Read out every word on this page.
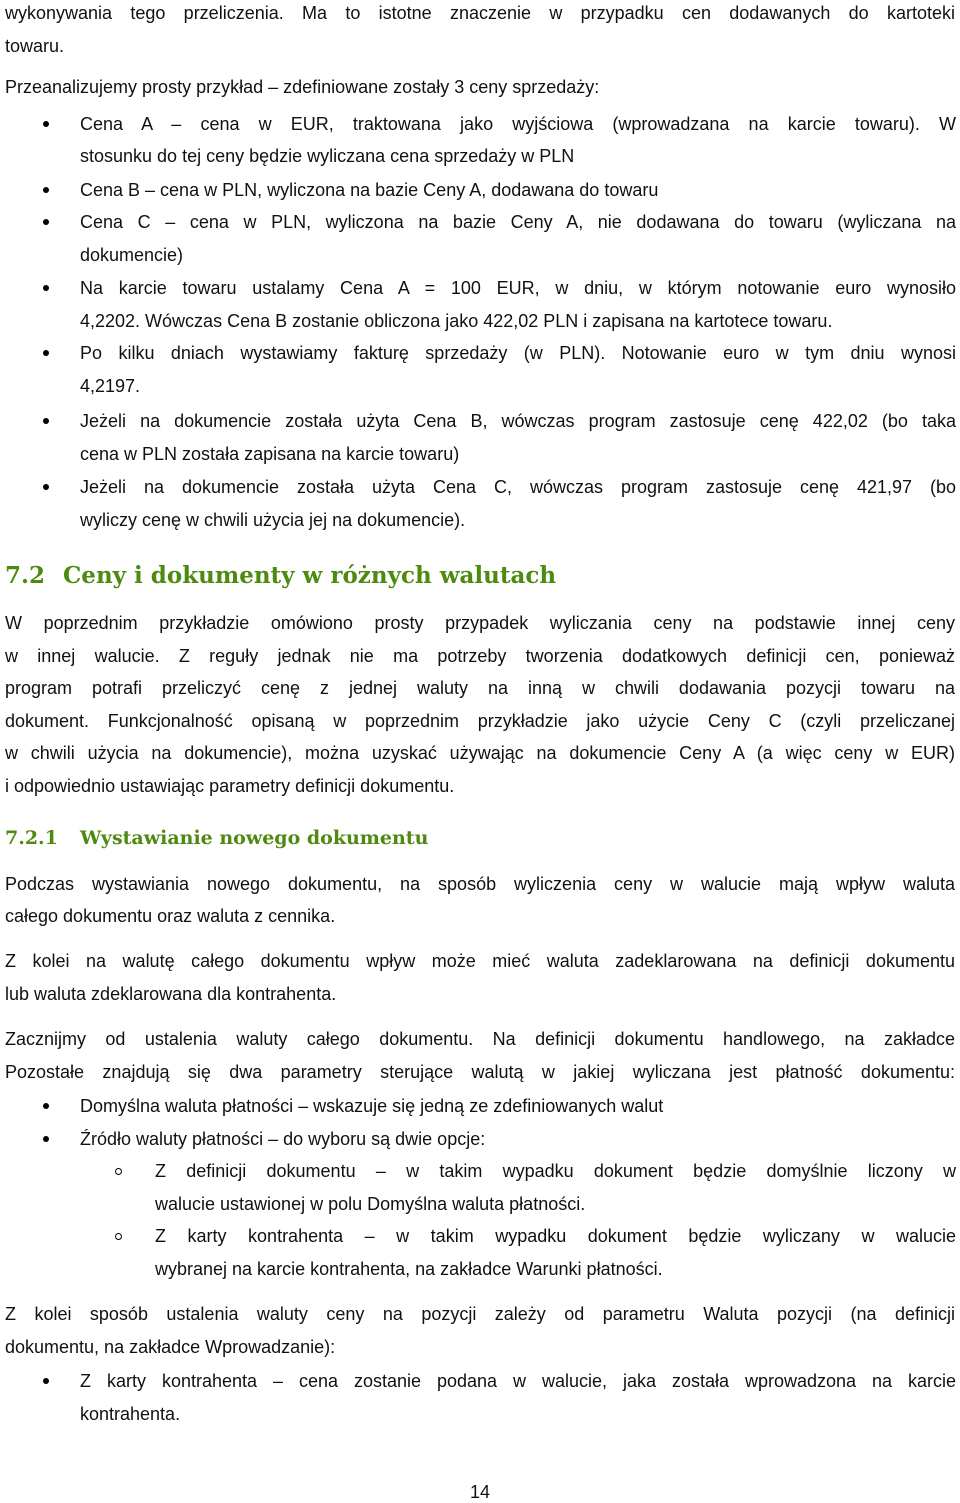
wykonywania tego przeliczenia. Ma to istotne znaczenie w przypadku cen dodawanych do kartoteki

towaru.

Przeanalizujemy prosty przykład – zdefiniowane zostały 3 ceny sprzedaży:

Cena A – cena w EUR, traktowana jako wyjściowa (wprowadzana na karcie towaru). W

stosunku do tej ceny będzie wyliczana cena sprzedaży w PLN

Cena B – cena w PLN, wyliczona na bazie Ceny A, dodawana do towaru

Cena C – cena w PLN, wyliczona na bazie Ceny A, nie dodawana do towaru (wyliczana na

dokumencie)

Na karcie towaru ustalamy Cena A = 100 EUR, w dniu, w którym notowanie euro wynosiło

4,2202. Wówczas Cena B zostanie obliczona jako 422,02 PLN i zapisana na kartotece towaru.

Po kilku dniach wystawiamy fakturę sprzedaży (w PLN). Notowanie euro w tym dniu wynosi

4,2197.

Jeżeli na dokumencie została użyta Cena B, wówczas program zastosuje cenę 422,02 (bo taka

cena w PLN została zapisana na karcie towaru)

Jeżeli na dokumencie została użyta Cena C, wówczas program zastosuje cenę 421,97 (bo

wyliczy cenę w chwili użycia jej na dokumencie).

7.2 Ceny i dokumenty w różnych walutach

W poprzednim przykładzie omówiono prosty przypadek wyliczania ceny na podstawie innej ceny

w innej walucie. Z reguły jednak nie ma potrzeby tworzenia dodatkowych definicji cen, ponieważ

program potrafi przeliczyć cenę z jednej waluty na inną w chwili dodawania pozycji towaru na

dokument. Funkcjonalność opisaną w poprzednim przykładzie jako użycie Ceny C (czyli przeliczanej

w chwili użycia na dokumencie), można uzyskać używając na dokumencie Ceny A (a więc ceny w EUR)

i odpowiednio ustawiając parametry definicji dokumentu.

7.2.1 Wystawianie nowego dokumentu

Podczas wystawiania nowego dokumentu, na sposób wyliczenia ceny w walucie mają wpływ waluta

całego dokumentu oraz waluta z cennika.

Z kolei na walutę całego dokumentu wpływ może mieć waluta zadeklarowana na definicji dokumentu

lub waluta zdeklarowana dla kontrahenta.

Zacznijmy od ustalenia waluty całego dokumentu. Na definicji dokumentu handlowego, na zakładce

Pozostałe znajdują się dwa parametry sterujące walutą w jakiej wyliczana jest płatność dokumentu:

Domyślna waluta płatności – wskazuje się jedną ze zdefiniowanych walut

Źródło waluty płatności – do wyboru są dwie opcje:

Z definicji dokumentu – w takim wypadku dokument będzie domyślnie liczony w

walucie ustawionej w polu Domyślna waluta płatności.

Z karty kontrahenta – w takim wypadku dokument będzie wyliczany w walucie

wybranej na karcie kontrahenta, na zakładce Warunki płatności.

Z kolei sposób ustalenia waluty ceny na pozycji zależy od parametru Waluta pozycji (na definicji

dokumentu, na zakładce Wprowadzanie):

Z karty kontrahenta – cena zostanie podana w walucie, jaka została wprowadzona na karcie

kontrahenta.

14
